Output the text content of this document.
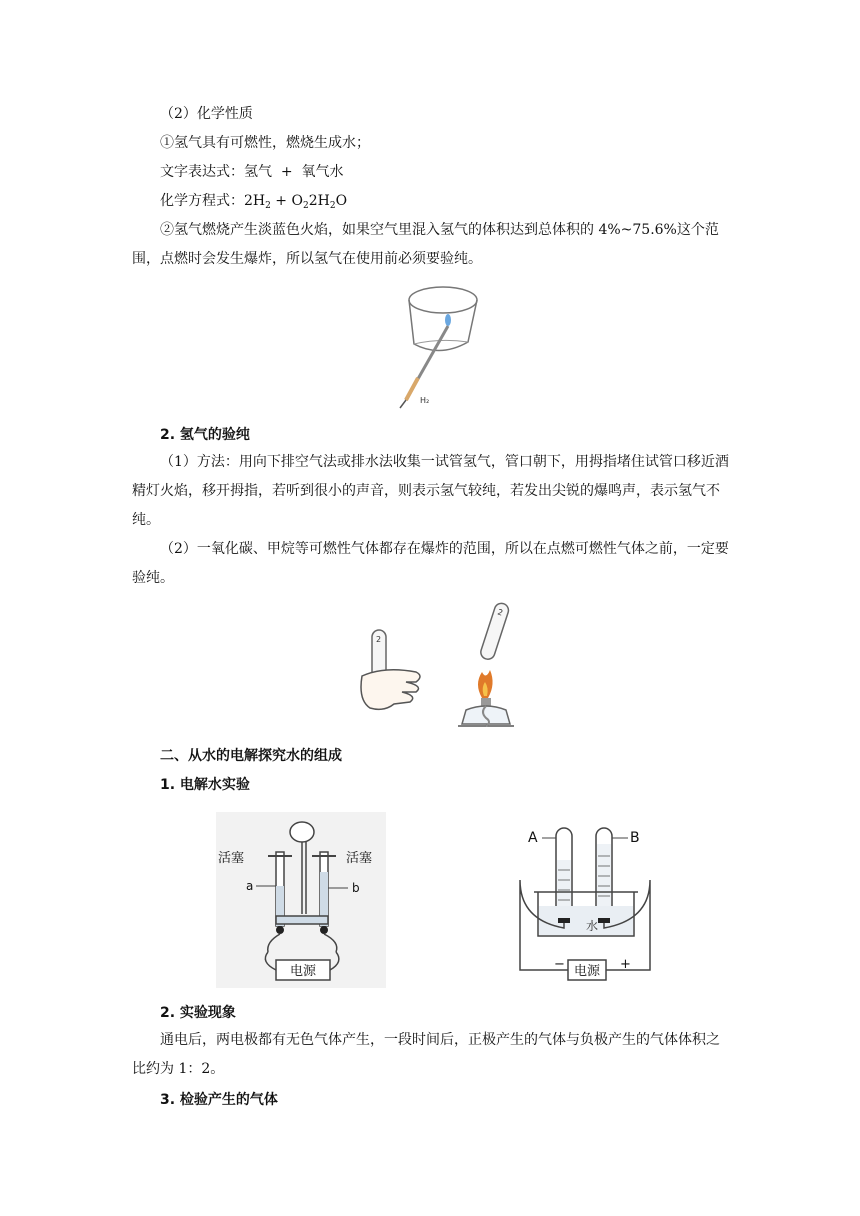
（2）化学性质
①氢气具有可燃性，燃烧生成水；
文字表达式：氢气 + 氧气水
化学方程式：$2H_2 + O_22H_2O$
②氢气燃烧产生淡蓝色火焰，如果空气里混入氢气的体积达到总体积的 4%~75.6%这个范围，点燃时会发生爆炸，所以氢气在使用前必须要验纯。
H₂
2. 氢气的验纯
（1）方法：用向下排空气法或排水法收集一试管氢气，管口朝下，用拇指堵住试管口移近酒精灯火焰，移开拇指，若听到很小的声音，则表示氢气较纯，若发出尖锐的爆鸣声，表示氢气不纯。
（2）一氧化碳、甲烷等可燃性气体都存在爆炸的范围，所以在点燃可燃性气体之前，一定要验纯。
2
2
二、从水的电解探究水的组成
1. 电解水实验
活塞	活塞
a	b
电源
A	B
水
电源
−	+
2. 实验现象
通电后，两电极都有无色气体产生，一段时间后，正极产生的气体与负极产生的气体体积之比约为 1：2。
3. 检验产生的气体
